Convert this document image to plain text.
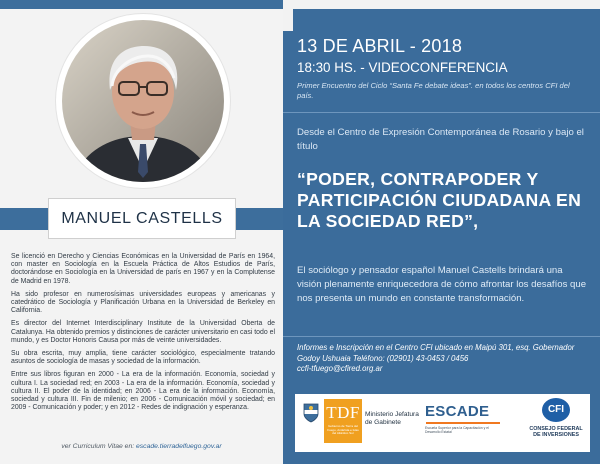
MANUEL CASTELLS

Se licenció en Derecho y Ciencias Económicas en la Universidad de París en 1964, con master en Sociología en la Escuela Práctica de Altos Estudios de París, doctorándose en Sociología en la Universidad de parís en 1967 y en la Complutense de Madrid en 1978.

Ha sido profesor en numerosísimas universidades europeas y americanas y catedrático de Sociología y Planificación Urbana en la Universidad de Berkeley en California.

Es director del Internet Interdisciplinary Institute de la Universidad Oberta de Catalunya. Ha obtenido premios y distinciones de carácter universitario en casi todo el mundo, y es Doctor Honoris Causa por más de veinte universidades.

Su obra escrita, muy amplia, tiene carácter sociológico, especialmente tratando asuntos de sociología de masas y sociedad de la información.

Entre sus libros figuran en 2000 - La era de la información. Economía, sociedad y cultura I. La sociedad red; en 2003 - La era de la información. Economía, sociedad y cultura II. El poder de la identidad; en 2006 - La era de la información. Economía, sociedad y cultura III. Fin de milenio; en 2006 - Comunicación móvil y sociedad; en 2009 - Comunicación y poder; y en 2012 - Redes de indignación y esperanza.

ver Curriculum Vitae en: escade.tierradelfuego.gov.ar
13 DE ABRIL - 2018
18:30 HS. - VIDEOCONFERENCIA
Primer Encuentro del Ciclo “Santa Fe debate ideas”. en todos los centros CFI del país.
Desde el Centro de Expresión Contemporánea de Rosario y bajo el título
“PODER, CONTRAPODER Y PARTICIPACIÓN CIUDADANA EN LA SOCIEDAD RED”,
El sociólogo y pensador español Manuel Castells brindará una visión plenamente enriquecedora de cómo afrontar los desafíos que nos presenta un mundo en constante transformación.
Informes e Inscripción en el Centro CFI ubicado en Maipú 301, esq. Gobernador Godoy Ushuaia Teléfono: (02901) 43-0453 / 0456
ccfi-tfuego@cfired.org.ar
TDF
Gobierno de Tierra del Fuego, Antártida e Islas del Atlántico Sur
Ministerio Jefatura de Gabinete
ESCADE
Escuela Superior para la Capacitación y el Desarrollo Estatal
CFI
CONSEJO FEDERAL DE INVERSIONES
